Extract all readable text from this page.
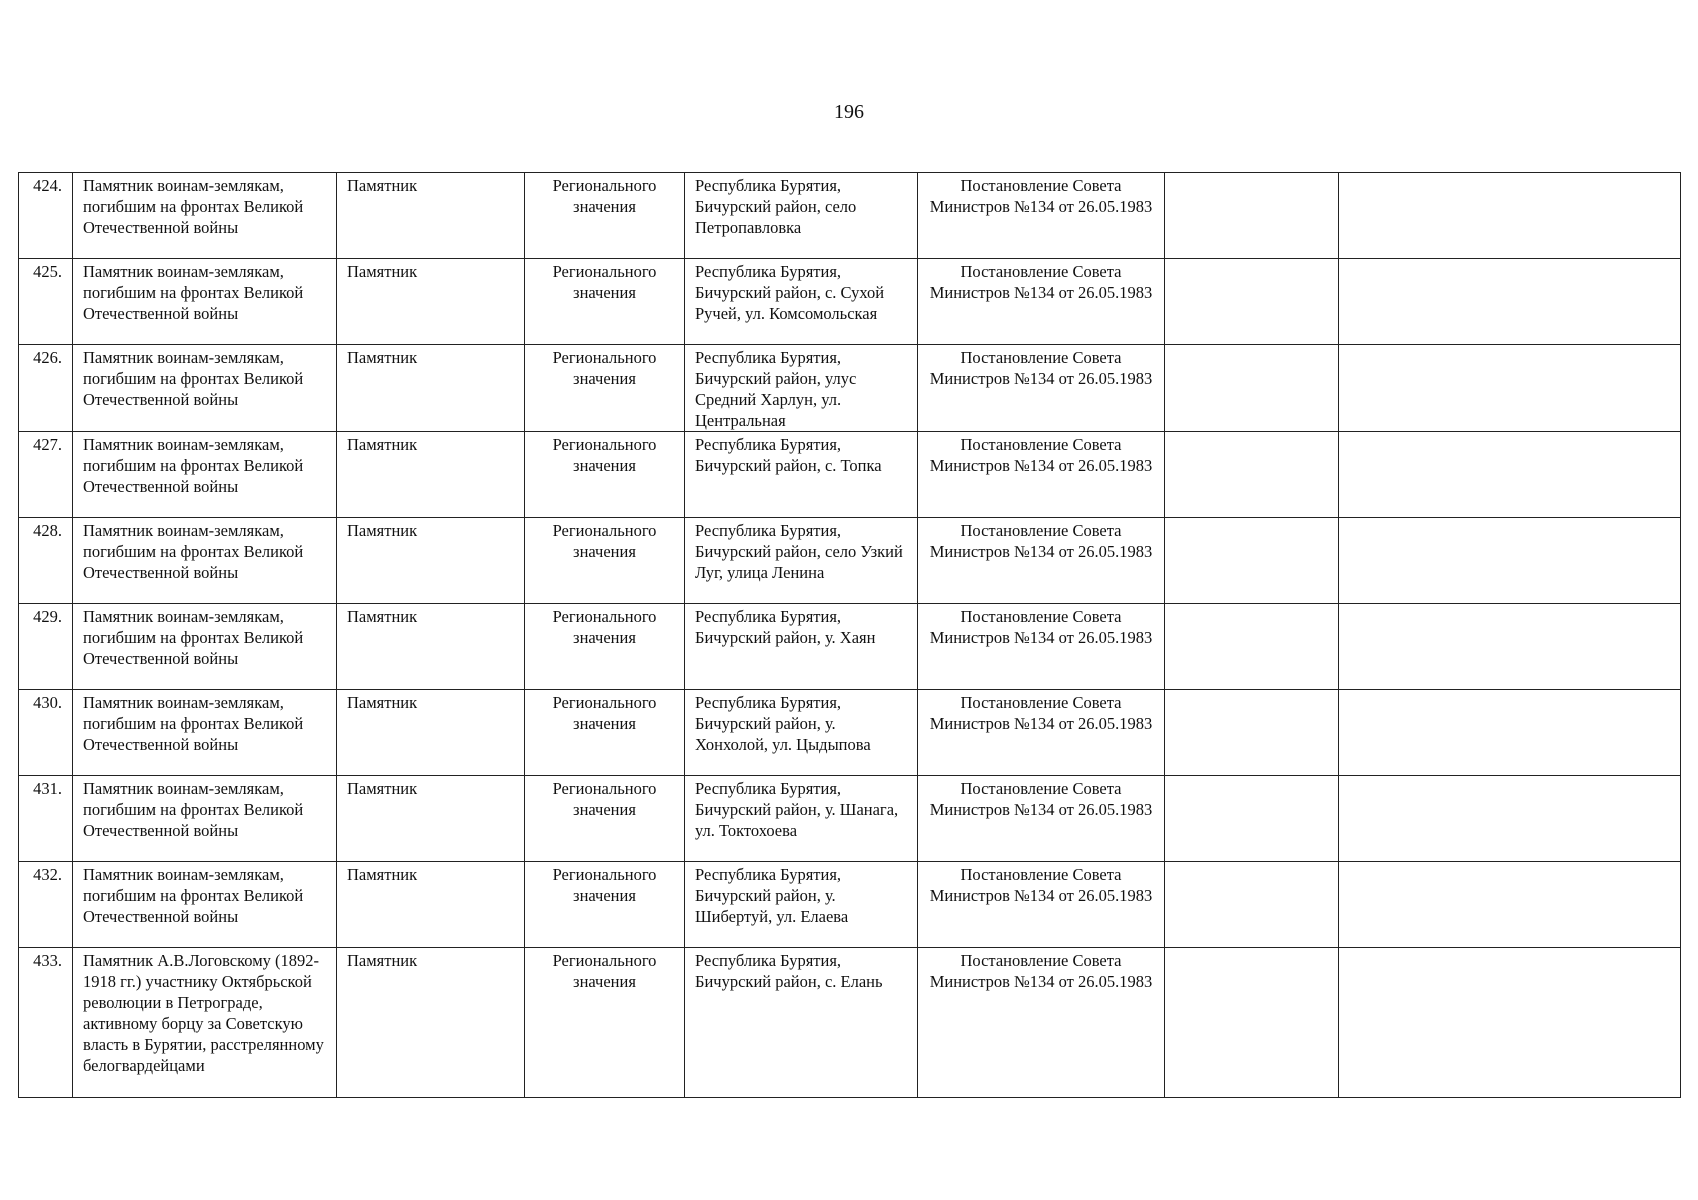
196
424.	Памятник воинам-землякам, погибшим на фронтах Великой Отечественной войны	Памятник	Регионального значения	Республика Бурятия, Бичурский район, село Петропавловка	Постановление Совета Министров №134 от 26.05.1983		
425.	Памятник воинам-землякам, погибшим на фронтах Великой Отечественной войны	Памятник	Регионального значения	Республика Бурятия, Бичурский район, с. Сухой Ручей, ул. Комсомольская	Постановление Совета Министров №134 от 26.05.1983		
426.	Памятник воинам-землякам, погибшим на фронтах Великой Отечественной войны	Памятник	Регионального значения	Республика Бурятия, Бичурский район, улус Средний Харлун, ул. Центральная	Постановление Совета Министров №134 от 26.05.1983		
427.	Памятник воинам-землякам, погибшим на фронтах Великой Отечественной войны	Памятник	Регионального значения	Республика Бурятия, Бичурский район, с. Топка	Постановление Совета Министров №134 от 26.05.1983		
428.	Памятник воинам-землякам, погибшим на фронтах Великой Отечественной войны	Памятник	Регионального значения	Республика Бурятия, Бичурский район, село Узкий Луг, улица Ленина	Постановление Совета Министров №134 от 26.05.1983		
429.	Памятник воинам-землякам, погибшим на фронтах Великой Отечественной войны	Памятник	Регионального значения	Республика Бурятия, Бичурский район, у. Хаян	Постановление Совета Министров №134 от 26.05.1983		
430.	Памятник воинам-землякам, погибшим на фронтах Великой Отечественной войны	Памятник	Регионального значения	Республика Бурятия, Бичурский район, у. Хонхолой, ул. Цыдыпова	Постановление Совета Министров №134 от 26.05.1983		
431.	Памятник воинам-землякам, погибшим на фронтах Великой Отечественной войны	Памятник	Регионального значения	Республика Бурятия, Бичурский район, у. Шанага, ул. Токтохоева	Постановление Совета Министров №134 от 26.05.1983		
432.	Памятник воинам-землякам, погибшим на фронтах Великой Отечественной войны	Памятник	Регионального значения	Республика Бурятия, Бичурский район, у. Шибертуй, ул. Елаева	Постановление Совета Министров №134 от 26.05.1983		
433.	Памятник А.В.Логовскому (1892-1918 гг.) участнику Октябрьской революции в Петрограде, активному борцу за Советскую власть в Бурятии, расстрелянному белогвардейцами	Памятник	Регионального значения	Республика Бурятия, Бичурский район, с. Елань	Постановление Совета Министров №134 от 26.05.1983		
